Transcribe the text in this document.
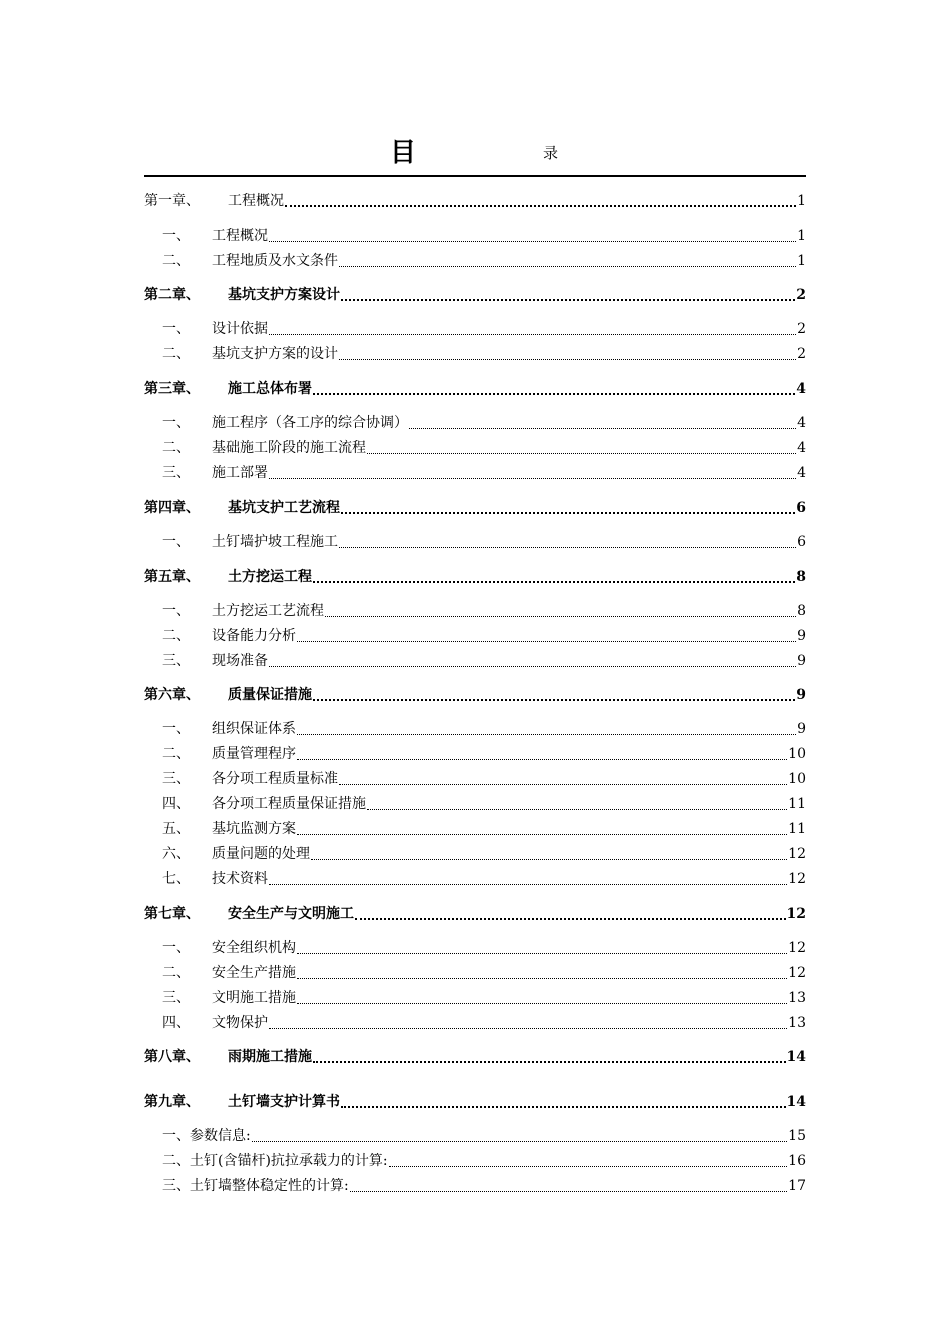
目	录
第一章、	工程概况	1
一、	工程概况	1
二、	工程地质及水文条件	1
第二章、	基坑支护方案设计	2
一、	设计依据	2
二、	基坑支护方案的设计	2
第三章、	施工总体布署	4
一、	施工程序（各工序的综合协调）	4
二、	基础施工阶段的施工流程	4
三、	施工部署	4
第四章、	基坑支护工艺流程	6
一、	土钉墙护坡工程施工	6
第五章、	土方挖运工程	8
一、	土方挖运工艺流程	8
二、	设备能力分析	9
三、	现场准备	9
第六章、	质量保证措施	9
一、	组织保证体系	9
二、	质量管理程序	10
三、	各分项工程质量标准	10
四、	各分项工程质量保证措施	11
五、	基坑监测方案	11
六、	质量问题的处理	12
七、	技术资料	12
第七章、	安全生产与文明施工	12
一、	安全组织机构	12
二、	安全生产措施	12
三、	文明施工措施	13
四、	文物保护	13
第八章、	雨期施工措施	14
第九章、	土钉墙支护计算书	14
一、参数信息:	15
二、土钉(含锚杆)抗拉承载力的计算:	16
三、土钉墙整体稳定性的计算:	17
